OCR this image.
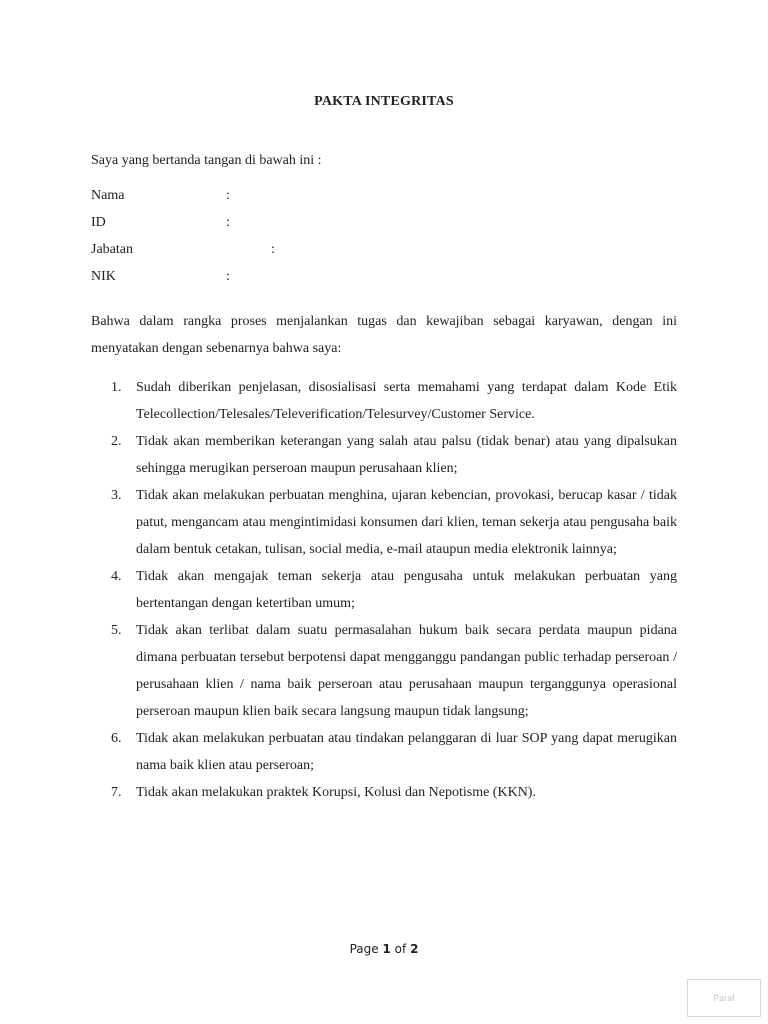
PAKTA INTEGRITAS
Saya yang bertanda tangan di bawah ini :
Nama	:
ID	:
Jabatan	:
NIK	:
Bahwa dalam rangka proses menjalankan tugas dan kewajiban sebagai karyawan, dengan ini menyatakan dengan sebenarnya bahwa saya:
1. Sudah diberikan penjelasan, disosialisasi serta memahami yang terdapat dalam Kode Etik Telecollection/Telesales/Televerification/Telesurvey/Customer Service.
2. Tidak akan memberikan keterangan yang salah atau palsu (tidak benar) atau yang dipalsukan sehingga merugikan perseroan maupun perusahaan klien;
3. Tidak akan melakukan perbuatan menghina, ujaran kebencian, provokasi, berucap kasar / tidak patut, mengancam atau mengintimidasi konsumen dari klien, teman sekerja atau pengusaha baik dalam bentuk cetakan, tulisan, social media, e-mail ataupun media elektronik lainnya;
4. Tidak akan mengajak teman sekerja atau pengusaha untuk melakukan perbuatan yang bertentangan dengan ketertiban umum;
5. Tidak akan terlibat dalam suatu permasalahan hukum baik secara perdata maupun pidana dimana perbuatan tersebut berpotensi dapat mengganggu pandangan public terhadap perseroan / perusahaan klien / nama baik perseroan atau perusahaan maupun terganggunya operasional perseroan maupun klien baik secara langsung maupun tidak langsung;
6. Tidak akan melakukan perbuatan atau tindakan pelanggaran di luar SOP yang dapat merugikan nama baik klien atau perseroan;
7. Tidak akan melakukan praktek Korupsi, Kolusi dan Nepotisme (KKN).
Page 1 of 2
Paraf
